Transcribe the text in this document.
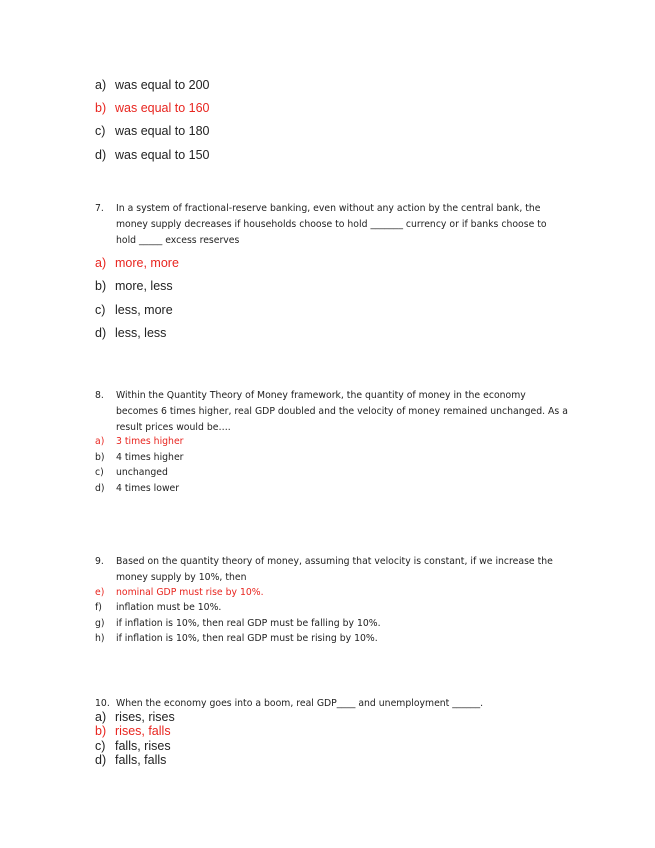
a) was equal to 200
b) was equal to 160
c) was equal to 180
d) was equal to 150
7. In a system of fractional-reserve banking, even without any action by the central bank, the
money supply decreases if households choose to hold _______ currency or if banks choose to
hold _____ excess reserves
a) more, more
b) more, less
c) less, more
d) less, less
8. Within the Quantity Theory of Money framework, the quantity of money in the economy
becomes 6 times higher, real GDP doubled and the velocity of money remained unchanged. As a
result prices would be….
a) 3 times higher
b) 4 times higher
c) unchanged
d) 4 times lower
9. Based on the quantity theory of money, assuming that velocity is constant, if we increase the
money supply by 10%, then
e) nominal GDP must rise by 10%.
f) inflation must be 10%.
g) if inflation is 10%, then real GDP must be falling by 10%.
h) if inflation is 10%, then real GDP must be rising by 10%.
10. When the economy goes into a boom, real GDP____ and unemployment ______.
a) rises, rises
b) rises, falls
c) falls, rises
d) falls, falls
